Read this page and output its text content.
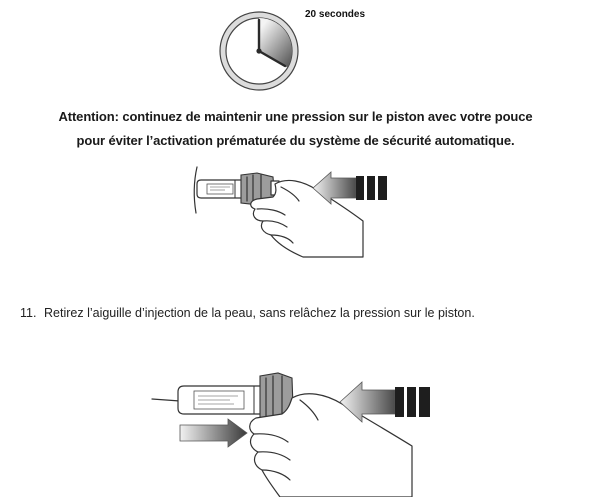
20 secondes
Attention: continuez de maintenir une pression sur le piston avec votre pouce
pour éviter l’activation prématurée du système de sécurité automatique.
11. Retirez l’aiguille d’injection de la peau, sans relâchez la pression sur le piston.
